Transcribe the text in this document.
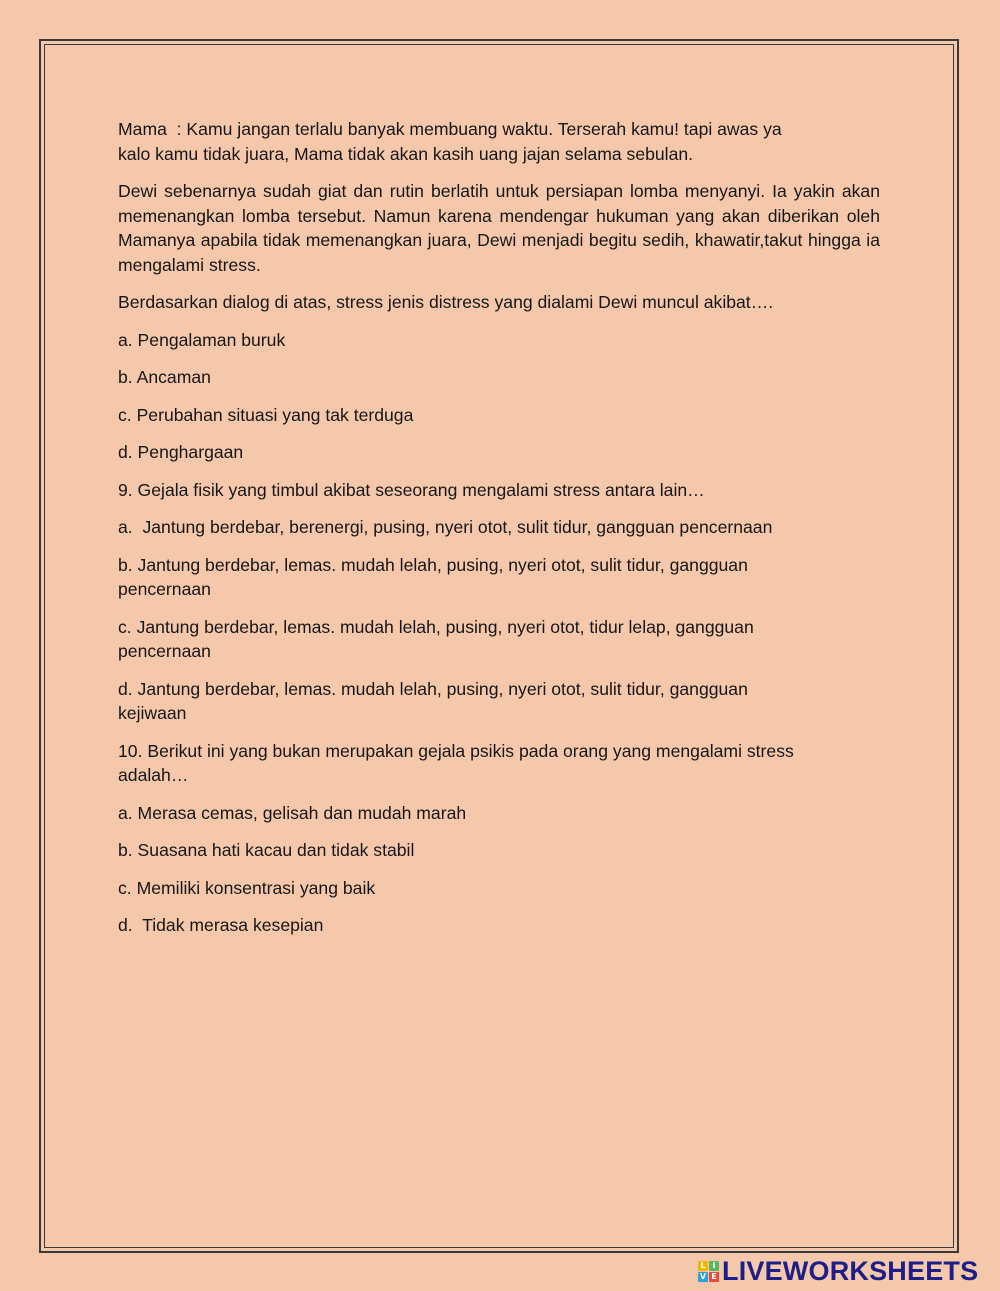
Mama  : Kamu jangan terlalu banyak membuang waktu. Terserah kamu! tapi awas ya
kalo kamu tidak juara, Mama tidak akan kasih uang jajan selama sebulan.

Dewi sebenarnya sudah giat dan rutin berlatih untuk persiapan lomba menyanyi. Ia yakin akan memenangkan lomba tersebut. Namun karena mendengar hukuman yang akan diberikan oleh Mamanya apabila tidak memenangkan juara, Dewi menjadi begitu sedih, khawatir,takut hingga ia mengalami stress.

Berdasarkan dialog di atas, stress jenis distress yang dialami Dewi muncul akibat….

a. Pengalaman buruk

b. Ancaman

c. Perubahan situasi yang tak terduga

d. Penghargaan

9. Gejala fisik yang timbul akibat seseorang mengalami stress antara lain…

a.  Jantung berdebar, berenergi, pusing, nyeri otot, sulit tidur, gangguan pencernaan

b. Jantung berdebar, lemas. mudah lelah, pusing, nyeri otot, sulit tidur, gangguan
pencernaan

c. Jantung berdebar, lemas. mudah lelah, pusing, nyeri otot, tidur lelap, gangguan
pencernaan

d. Jantung berdebar, lemas. mudah lelah, pusing, nyeri otot, sulit tidur, gangguan
kejiwaan

10. Berikut ini yang bukan merupakan gejala psikis pada orang yang mengalami stress
adalah…

a. Merasa cemas, gelisah dan mudah marah

b. Suasana hati kacau dan tidak stabil

c. Memiliki konsentrasi yang baik

d.  Tidak merasa kesepian

L I
V E LIVEWORKSHEETS
